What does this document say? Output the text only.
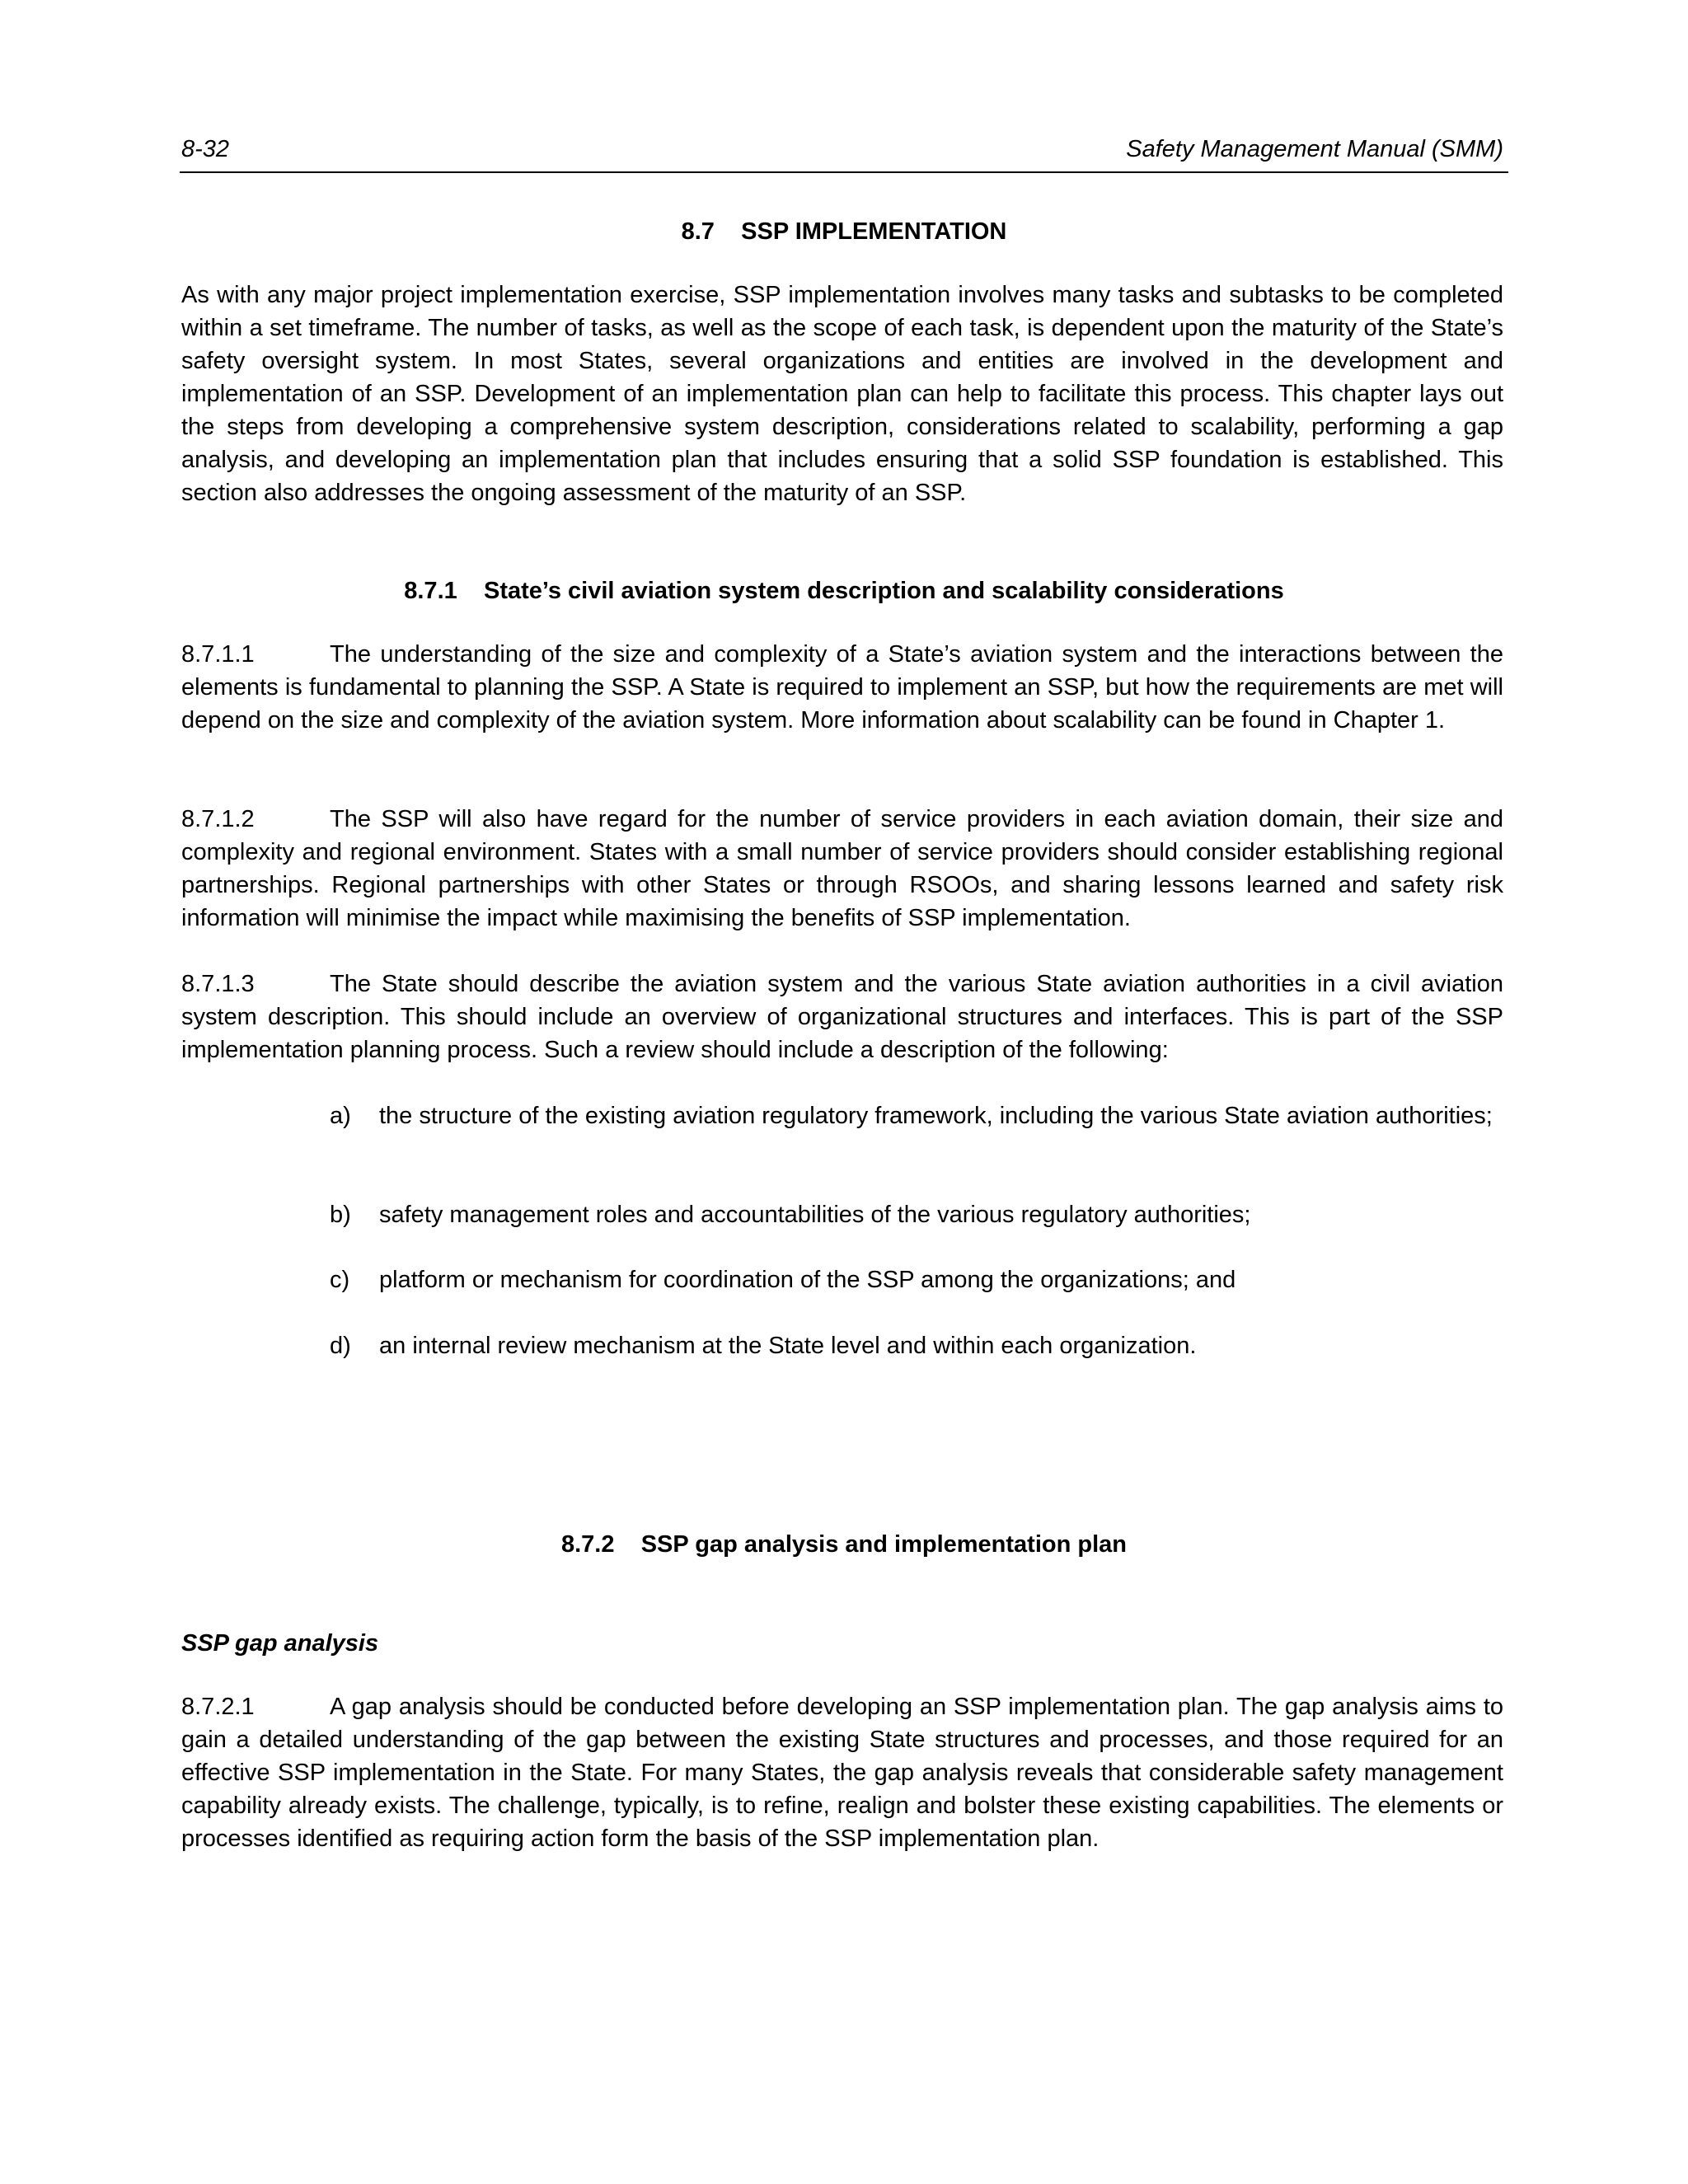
8-32	Safety Management Manual (SMM)
8.7    SSP IMPLEMENTATION
As with any major project implementation exercise, SSP implementation involves many tasks and subtasks to be completed within a set timeframe. The number of tasks, as well as the scope of each task, is dependent upon the maturity of the State’s safety oversight system. In most States, several organizations and entities are involved in the development and implementation of an SSP. Development of an implementation plan can help to facilitate this process. This chapter lays out the steps from developing a comprehensive system description, considerations related to scalability, performing a gap analysis, and developing an implementation plan that includes ensuring that a solid SSP foundation is established. This section also addresses the ongoing assessment of the maturity of an SSP.
8.7.1    State’s civil aviation system description and scalability considerations
8.7.1.1	The understanding of the size and complexity of a State’s aviation system and the interactions between the elements is fundamental to planning the SSP. A State is required to implement an SSP, but how the requirements are met will depend on the size and complexity of the aviation system. More information about scalability can be found in Chapter 1.
8.7.1.2	The SSP will also have regard for the number of service providers in each aviation domain, their size and complexity and regional environment. States with a small number of service providers should consider establishing regional partnerships. Regional partnerships with other States or through RSOOs, and sharing lessons learned and safety risk information will minimise the impact while maximising the benefits of SSP implementation.
8.7.1.3	The State should describe the aviation system and the various State aviation authorities in a civil aviation system description. This should include an overview of organizational structures and interfaces. This is part of the SSP implementation planning process. Such a review should include a description of the following:
a)	the structure of the existing aviation regulatory framework, including the various State aviation authorities;
b)	safety management roles and accountabilities of the various regulatory authorities;
c)	platform or mechanism for coordination of the SSP among the organizations; and
d)	an internal review mechanism at the State level and within each organization.
8.7.2    SSP gap analysis and implementation plan
SSP gap analysis
8.7.2.1	A gap analysis should be conducted before developing an SSP implementation plan. The gap analysis aims to gain a detailed understanding of the gap between the existing State structures and processes, and those required for an effective SSP implementation in the State. For many States, the gap analysis reveals that considerable safety management capability already exists. The challenge, typically, is to refine, realign and bolster these existing capabilities. The elements or processes identified as requiring action form the basis of the SSP implementation plan.
